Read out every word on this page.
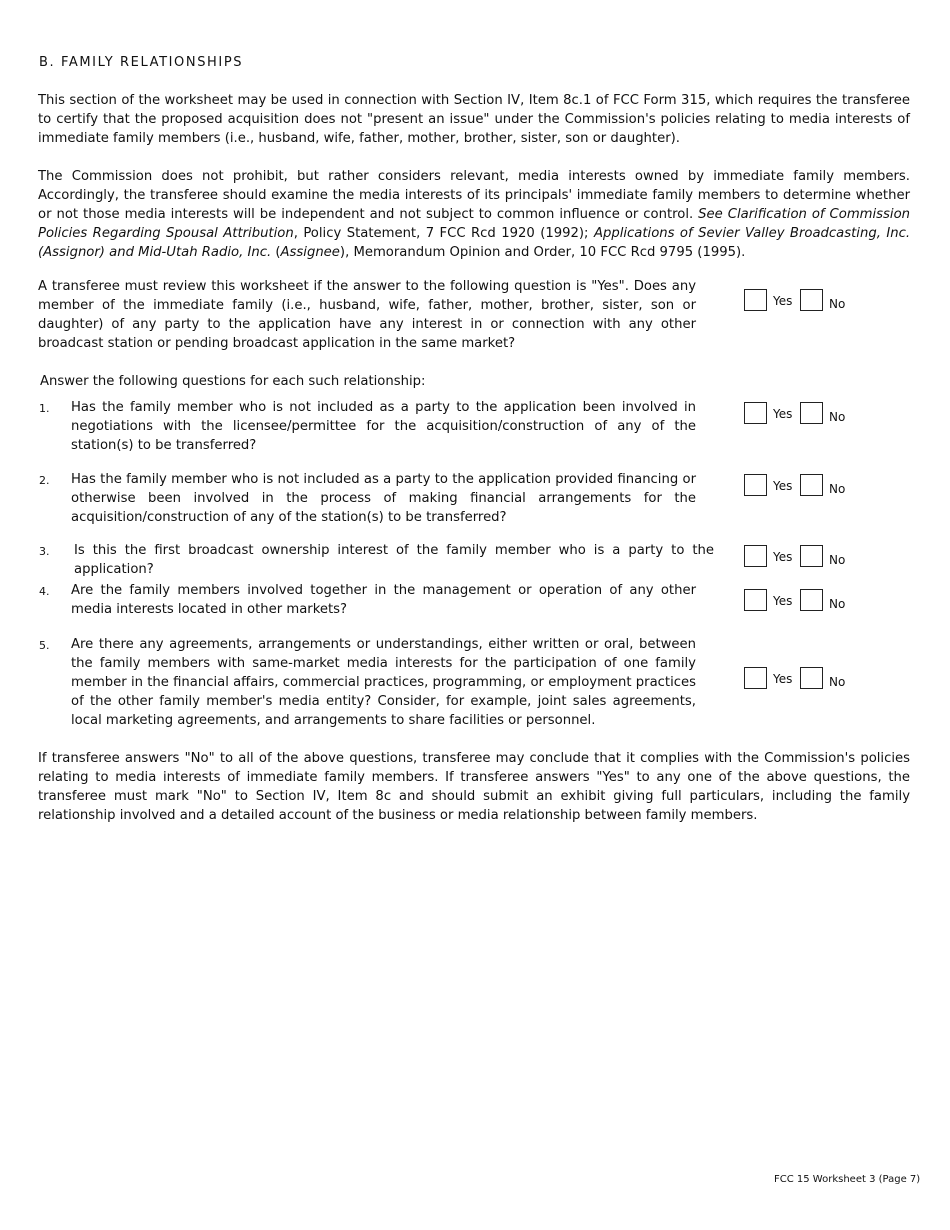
B. FAMILY RELATIONSHIPS

This section of the worksheet may be used in connection with Section IV, Item 8c.1 of FCC Form 315, which requires the transferee to certify that the proposed acquisition does not "present an issue" under the Commission's policies relating to media interests of immediate family members (i.e., husband, wife, father, mother, brother, sister, son or daughter).

The Commission does not prohibit, but rather considers relevant, media interests owned by immediate family members. Accordingly, the transferee should examine the media interests of its principals' immediate family members to determine whether or not those media interests will be independent and not subject to common influence or control. See Clarification of Commission Policies Regarding Spousal Attribution, Policy Statement, 7 FCC Rcd 1920 (1992); Applications of Sevier Valley Broadcasting, Inc. (Assignor) and Mid-Utah Radio, Inc. (Assignee), Memorandum Opinion and Order, 10 FCC Rcd 9795 (1995).

A transferee must review this worksheet if the answer to the following question is "Yes". Does any member of the immediate family (i.e., husband, wife, father, mother, brother, sister, son or daughter) of any party to the application have any interest in or connection with any other broadcast station or pending broadcast application in the same market?

Yes	No

Answer the following questions for each such relationship:

1. Has the family member who is not included as a party to the application been involved in negotiations with the licensee/permittee for the acquisition/construction of any of the station(s) to be transferred?

Yes	No
2. Has the family member who is not included as a party to the application provided financing or otherwise been involved in the process of making financial arrangements for the acquisition/construction of any of the station(s) to be transferred?

Yes	No
3. Is this the first broadcast ownership interest of the family member who is a party to the application?

Yes	No
4. Are the family members involved together in the management or operation of any other media interests located in other markets?

Yes	No
5. Are there any agreements, arrangements or understandings, either written or oral, between the family members with same-market media interests for the participation of one family member in the financial affairs, commercial practices, programming, or employment practices of the other family member's media entity? Consider, for example, joint sales agreements, local marketing agreements, and arrangements to share facilities or personnel.

Yes	No

If transferee answers "No" to all of the above questions, transferee may conclude that it complies with the Commission's policies relating to media interests of immediate family members. If transferee answers "Yes" to any one of the above questions, the transferee must mark "No" to Section IV, Item 8c and should submit an exhibit giving full particulars, including the family relationship involved and a detailed account of the business or media relationship between family members.

FCC 15 Worksheet 3 (Page 7)
